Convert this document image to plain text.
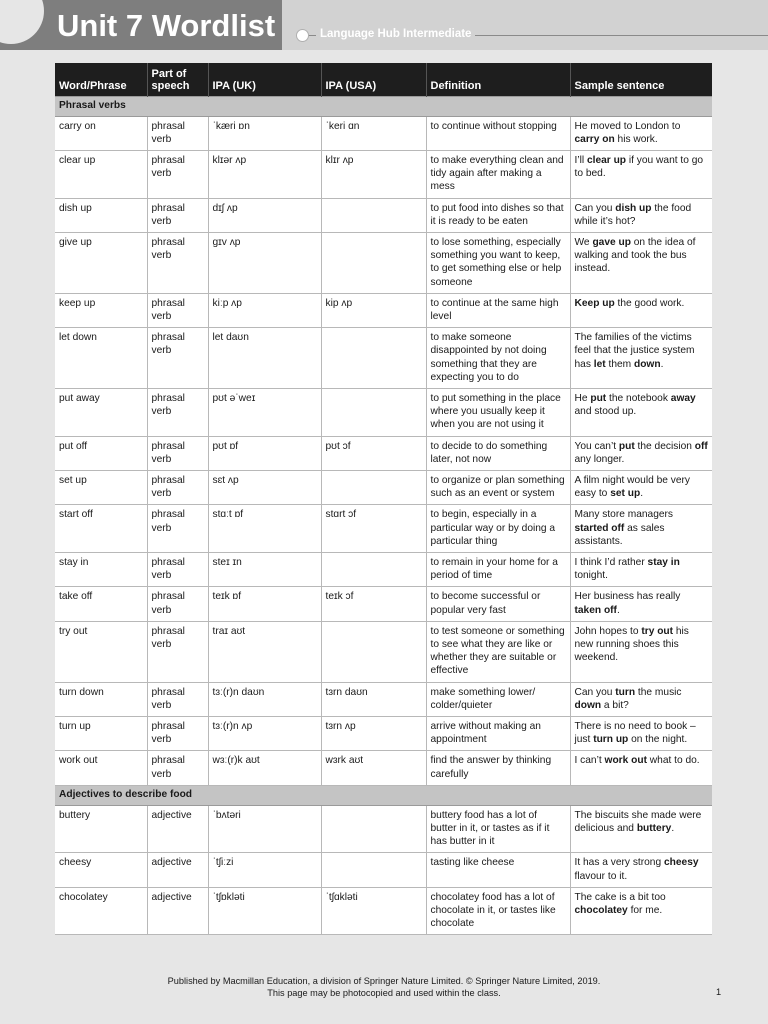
Unit 7 Wordlist	Language Hub Intermediate
Word/Phrase	Part of speech	IPA (UK)	IPA (USA)	Definition	Sample sentence
Phrasal verbs					
carry on	phrasal verb	ˈkæri ɒn	ˈkeri ɑn	to continue without stopping	He moved to London to carry on his work.
clear up	phrasal verb	klɪər ʌp	klɪr ʌp	to make everything clean and tidy again after making a mess	I’ll clear up if you want to go to bed.
dish up	phrasal verb	dɪʃ ʌp		to put food into dishes so that it is ready to be eaten	Can you dish up the food while it’s hot?
give up	phrasal verb	ɡɪv ʌp		to lose something, especially something you want to keep, to get something else or help someone	We gave up on the idea of walking and took the bus instead.
keep up	phrasal verb	kiːp ʌp	kip ʌp	to continue at the same high level	Keep up the good work.
let down	phrasal verb	let daʊn		to make someone disappointed by not doing something that they are expecting you to do	The families of the victims feel that the justice system has let them down.
put away	phrasal verb	pʊt əˈweɪ		to put something in the place where you usually keep it when you are not using it	He put the notebook away and stood up.
put off	phrasal verb	pʊt ɒf	pʊt ɔf	to decide to do something later, not now	You can’t put the decision off any longer.
set up	phrasal verb	sɛt ʌp		to organize or plan something such as an event or system	A film night would be very easy to set up.
start off	phrasal verb	stɑːt ɒf	stɑrt ɔf	to begin, especially in a particular way or by doing a particular thing	Many store managers started off as sales assistants.
stay in	phrasal verb	steɪ ɪn		to remain in your home for a period of time	I think I’d rather stay in tonight.
take off	phrasal verb	teɪk ɒf	teɪk ɔf	to become successful or popular very fast	Her business has really taken off.
try out	phrasal verb	traɪ aʊt		to test someone or something to see what they are like or whether they are suitable or effective	John hopes to try out his new running shoes this weekend.
turn down	phrasal verb	tɜː(r)n daʊn	tɜrn daʊn	make something lower/ colder/quieter	Can you turn the music down a bit?
turn up	phrasal verb	tɜː(r)n ʌp	tɜrn ʌp	arrive without making an appointment	There is no need to book – just turn up on the night.
work out	phrasal verb	wɜː(r)k aʊt	wɜrk aʊt	find the answer by thinking carefully	I can’t work out what to do.
Adjectives to describe food					
buttery	adjective	ˈbʌtəri		buttery food has a lot of butter in it, or tastes as if it has butter in it	The biscuits she made were delicious and buttery.
cheesy	adjective	ˈtʃiːzi		tasting like cheese	It has a very strong cheesy flavour to it.
chocolatey	adjective	ˈtʃɒkləti	ˈtʃɑkləti	chocolatey food has a lot of chocolate in it, or tastes like chocolate	The cake is a bit too chocolatey for me.
Published by Macmillan Education, a division of Springer Nature Limited. © Springer Nature Limited, 2019.
This page may be photocopied and used within the class.	1
